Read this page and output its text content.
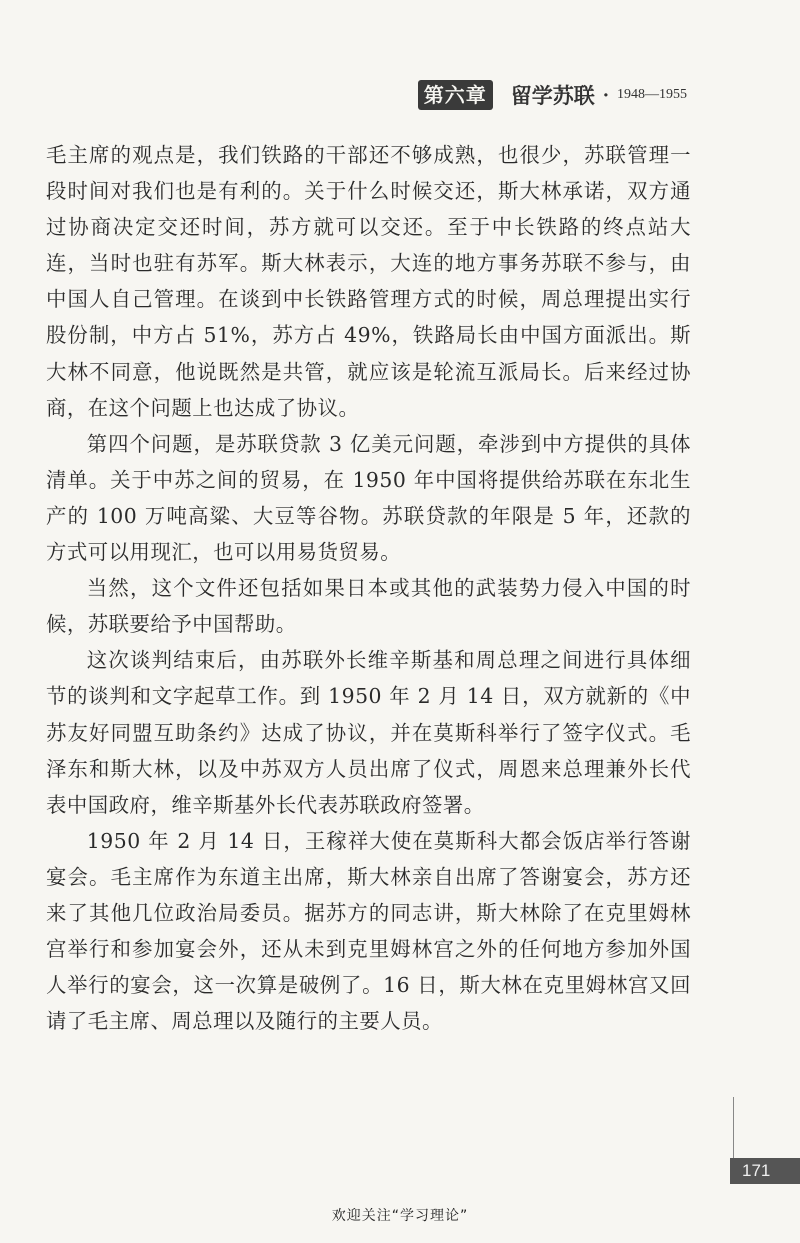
第六章 留学苏联 · 1948—1955

毛主席的观点是，我们铁路的干部还不够成熟，也很少，苏联管理一段时间对我们也是有利的。关于什么时候交还，斯大林承诺，双方通过协商决定交还时间，苏方就可以交还。至于中长铁路的终点站大连，当时也驻有苏军。斯大林表示，大连的地方事务苏联不参与，由中国人自己管理。在谈到中长铁路管理方式的时候，周总理提出实行股份制，中方占 51%，苏方占 49%，铁路局长由中国方面派出。斯大林不同意，他说既然是共管，就应该是轮流互派局长。后来经过协商，在这个问题上也达成了协议。

第四个问题，是苏联贷款 3 亿美元问题，牵涉到中方提供的具体清单。关于中苏之间的贸易，在 1950 年中国将提供给苏联在东北生产的 100 万吨高粱、大豆等谷物。苏联贷款的年限是 5 年，还款的方式可以用现汇，也可以用易货贸易。

当然，这个文件还包括如果日本或其他的武装势力侵入中国的时候，苏联要给予中国帮助。

这次谈判结束后，由苏联外长维辛斯基和周总理之间进行具体细节的谈判和文字起草工作。到 1950 年 2 月 14 日，双方就新的《中苏友好同盟互助条约》达成了协议，并在莫斯科举行了签字仪式。毛泽东和斯大林，以及中苏双方人员出席了仪式，周恩来总理兼外长代表中国政府，维辛斯基外长代表苏联政府签署。

1950 年 2 月 14 日，王稼祥大使在莫斯科大都会饭店举行答谢宴会。毛主席作为东道主出席，斯大林亲自出席了答谢宴会，苏方还来了其他几位政治局委员。据苏方的同志讲，斯大林除了在克里姆林宫举行和参加宴会外，还从未到克里姆林宫之外的任何地方参加外国人举行的宴会，这一次算是破例了。16 日，斯大林在克里姆林宫又回请了毛主席、周总理以及随行的主要人员。

171
欢迎关注“学习理论”
